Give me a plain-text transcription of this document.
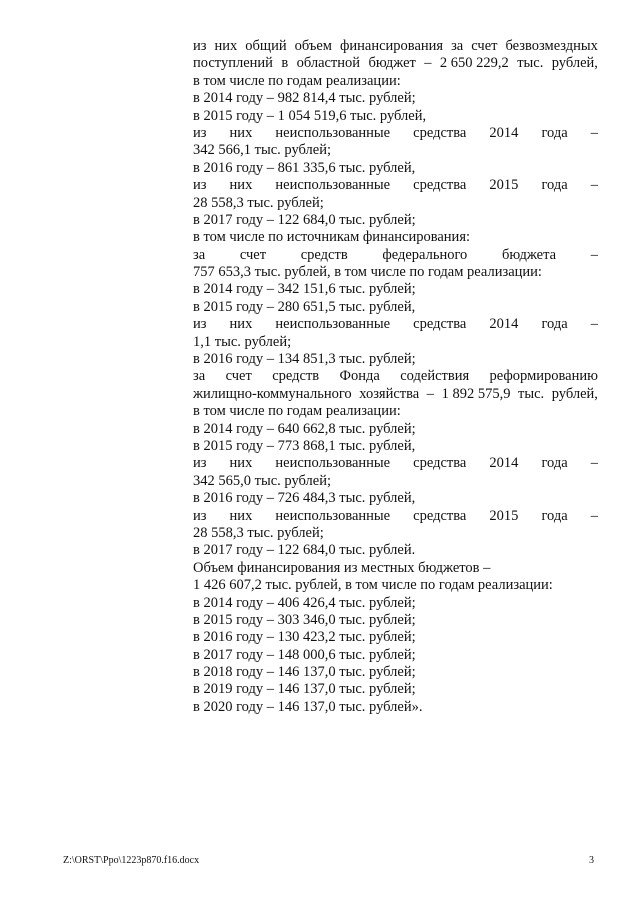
из них общий объем финансирования за счет безвозмездных
поступлений в областной бюджет – 2 650 229,2 тыс. рублей,
в том числе по годам реализации:
в 2014 году – 982 814,4 тыс. рублей;
в 2015 году – 1 054 519,6 тыс. рублей,
из них неиспользованные средства 2014 года –
342 566,1 тыс. рублей;
в 2016 году – 861 335,6 тыс. рублей,
из них неиспользованные средства 2015 года –
28 558,3 тыс. рублей;
в 2017 году – 122 684,0 тыс. рублей;
в том числе по источникам финансирования:
за счет средств федерального бюджета –
757 653,3 тыс. рублей, в том числе по годам реализации:
в 2014 году – 342 151,6 тыс. рублей;
в 2015 году – 280 651,5 тыс. рублей,
из них неиспользованные средства 2014 года –
1,1 тыс. рублей;
в 2016 году – 134 851,3 тыс. рублей;
за счет средств Фонда содействия реформированию
жилищно-коммунального хозяйства – 1 892 575,9 тыс. рублей,
в том числе по годам реализации:
в 2014 году – 640 662,8 тыс. рублей;
в 2015 году – 773 868,1 тыс. рублей,
из них неиспользованные средства 2014 года –
342 565,0 тыс. рублей;
в 2016 году – 726 484,3 тыс. рублей,
из них неиспользованные средства 2015 года –
28 558,3 тыс. рублей;
в 2017 году – 122 684,0 тыс. рублей.
Объем финансирования из местных бюджетов –
1 426 607,2 тыс. рублей, в том числе по годам реализации:
в 2014 году – 406 426,4 тыс. рублей;
в 2015 году – 303 346,0 тыс. рублей;
в 2016 году – 130 423,2 тыс. рублей;
в 2017 году – 148 000,6 тыс. рублей;
в 2018 году – 146 137,0 тыс. рублей;
в 2019 году – 146 137,0 тыс. рублей;
в 2020 году – 146 137,0 тыс. рублей».
Z:\ORST\Ppo\1223p870.f16.docx	3
